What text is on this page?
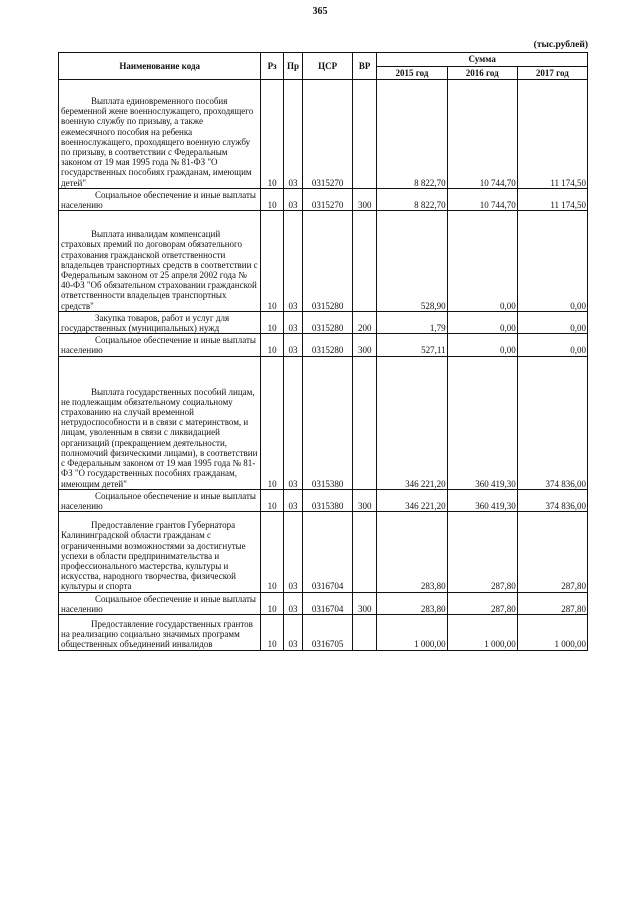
365
(тыс.рублей)
Наименование кода	Рз	Пр	ЦСР	ВР	Сумма		
					2015 год	2016 год	2017 год
Выплата единовременного пособия беременной жене военнослужащего, проходящего военную службу по призыву, а также ежемесячного пособия на ребенка военнослужащего, проходящего военную службу по призыву, в соответствии с Федеральным законом от 19 мая 1995 года № 81-ФЗ "О государственных пособиях гражданам, имеющим детей"	10	03	0315270		8 822,70	10 744,70	11 174,50
Социальное обеспечение и иные выплаты населению	10	03	0315270	300	8 822,70	10 744,70	11 174,50
Выплата инвалидам компенсаций страховых премий по договорам обязательного страхования гражданской ответственности владельцев транспортных средств в соответствии с Федеральным законом от 25 апреля 2002 года № 40-ФЗ "Об обязательном страховании гражданской ответственности владельцев транспортных средств"	10	03	0315280		528,90	0,00	0,00
Закупка товаров, работ и услуг для государственных (муниципальных) нужд	10	03	0315280	200	1,79	0,00	0,00
Социальное обеспечение и иные выплаты населению	10	03	0315280	300	527,11	0,00	0,00
Выплата государственных пособий лицам, не подлежащим обязательному социальному страхованию на случай временной нетрудоспособности и в связи с материнством, и лицам, уволенным в связи с ликвидацией организаций (прекращением деятельности, полномочий физическими лицами), в соответствии с Федеральным законом от 19 мая 1995 года № 81-ФЗ "О государственных пособиях гражданам, имеющим детей"	10	03	0315380		346 221,20	360 419,30	374 836,00
Социальное обеспечение и иные выплаты населению	10	03	0315380	300	346 221,20	360 419,30	374 836,00
Предоставление грантов Губернатора Калининградской области гражданам с ограниченными возможностями за достигнутые успехи в области предпринимательства и профессионального мастерства, культуры и искусства, народного творчества, физической культуры и спорта	10	03	0316704		283,80	287,80	287,80
Социальное обеспечение и иные выплаты населению	10	03	0316704	300	283,80	287,80	287,80
Предоставление государственных грантов на реализацию социально значимых программ общественных объединений инвалидов	10	03	0316705		1 000,00	1 000,00	1 000,00
